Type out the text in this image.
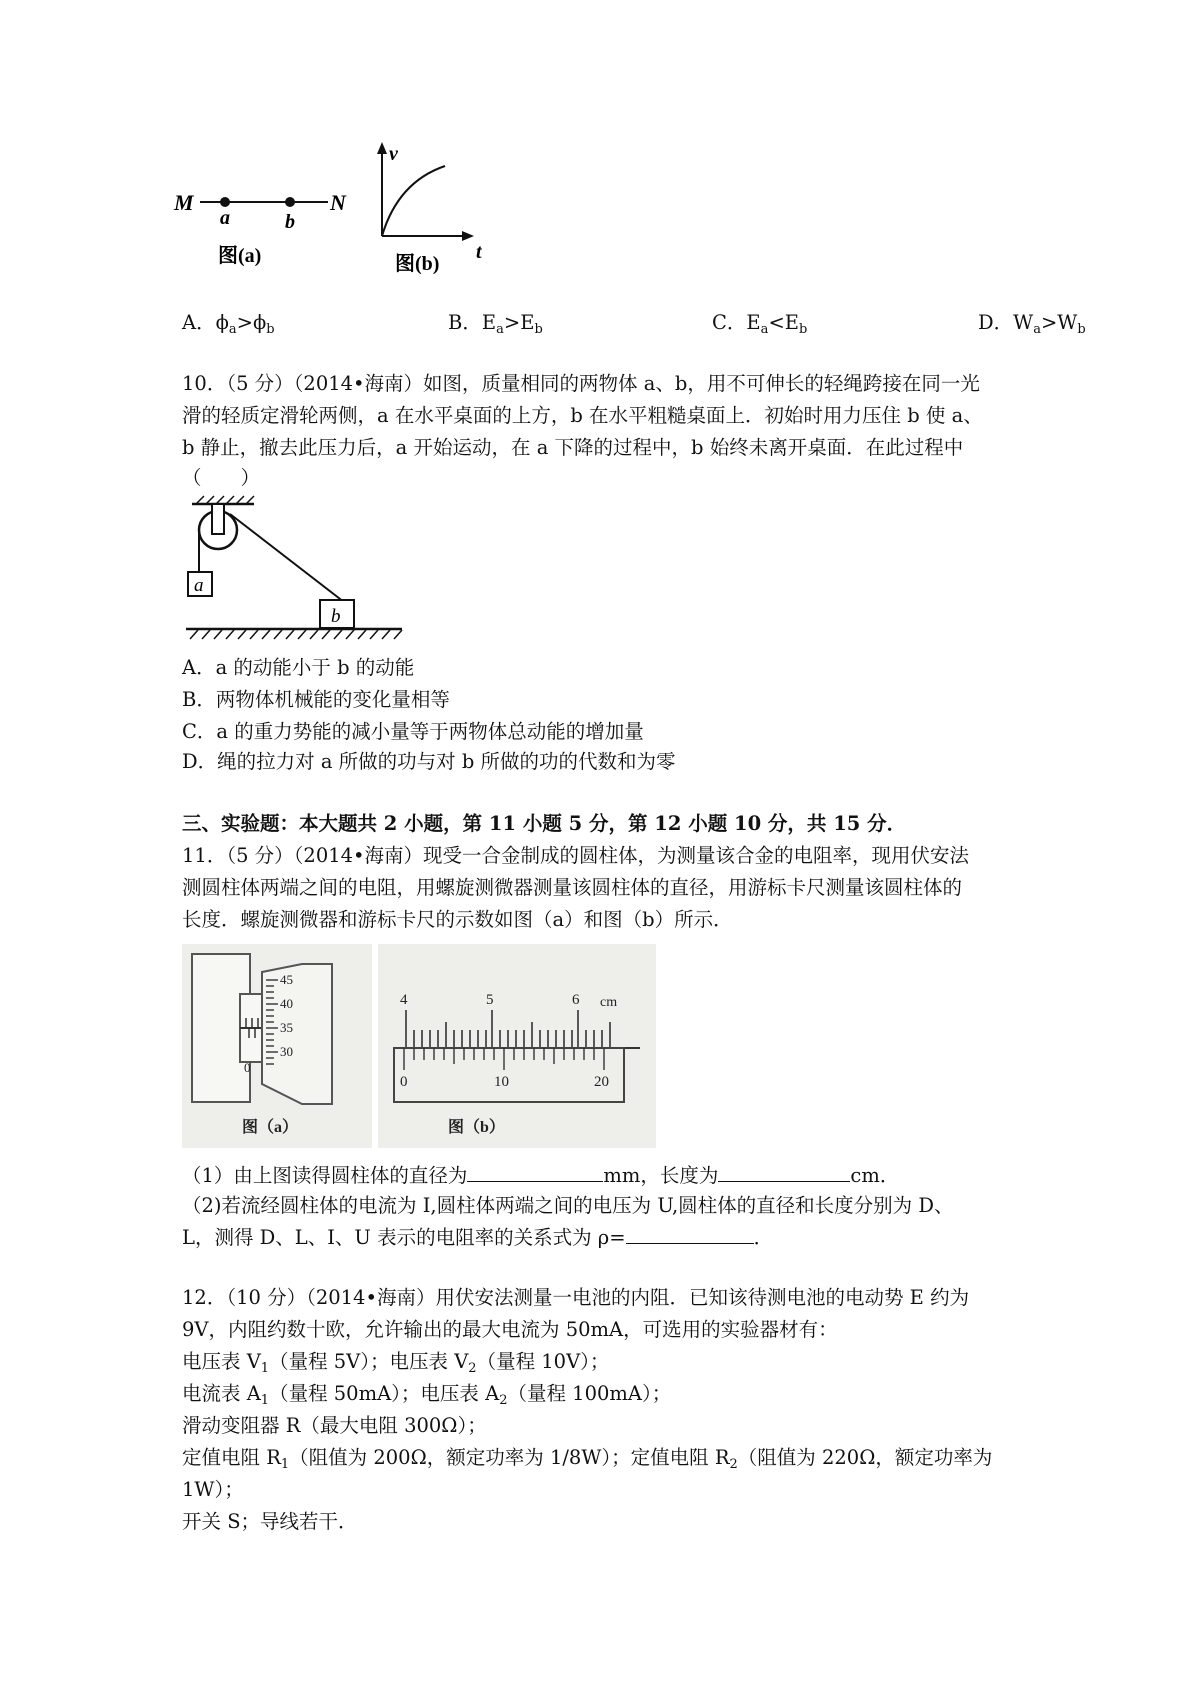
M	N
a	b
图(a)
v
t
图(b)
A．$\phi_a>\phi_b$	B．$E_a>E_b$	C．$E_a<E_b$	D．$W_a>W_b$
10．（5 分）（2014•海南）如图，质量相同的两物体 a、b，用不可伸长的轻绳跨接在同一光
滑的轻质定滑轮两侧，a 在水平桌面的上方，b 在水平粗糙桌面上．初始时用力压住 b 使 a、
b 静止，撤去此压力后，a 开始运动，在 a 下降的过程中，b 始终未离开桌面．在此过程中
（　　）
a
b
A．a 的动能小于 b 的动能
B．两物体机械能的变化量相等
C．a 的重力势能的减小量等于两物体总动能的增加量
D．绳的拉力对 a 所做的功与对 b 所做的功的代数和为零
三、实验题：本大题共 2 小题，第 11 小题 5 分，第 12 小题 10 分，共 15 分．
11．（5 分）（2014•海南）现受一合金制成的圆柱体，为测量该合金的电阻率，现用伏安法
测圆柱体两端之间的电阻，用螺旋测微器测量该圆柱体的直径，用游标卡尺测量该圆柱体的
长度．螺旋测微器和游标卡尺的示数如图（a）和图（b）所示．
45
40
35
30
0
图（a）
4	5	6 cm
0	10	20
图（b）
（1）由上图读得圆柱体的直径为	mm，长度为	cm．
（2)若流经圆柱体的电流为 I,圆柱体两端之间的电压为 U,圆柱体的直径和长度分别为 D、
L，测得 D、L、I、U 表示的电阻率的关系式为 ρ=	．
12．（10 分）（2014•海南）用伏安法测量一电池的内阻．已知该待测电池的电动势 E 约为
9V，内阻约数十欧，允许输出的最大电流为 50mA，可选用的实验器材有：
电压表 $V_1$（量程 5V）；电压表 $V_2$（量程 10V）；
电流表 $A_1$（量程 50mA）；电压表 $A_2$（量程 100mA）；
滑动变阻器 R（最大电阻 300Ω）；
定值电阻 $R_1$（阻值为 200Ω，额定功率为 1/8W）；定值电阻 $R_2$（阻值为 220Ω，额定功率为
1W）；
开关 S；导线若干．
